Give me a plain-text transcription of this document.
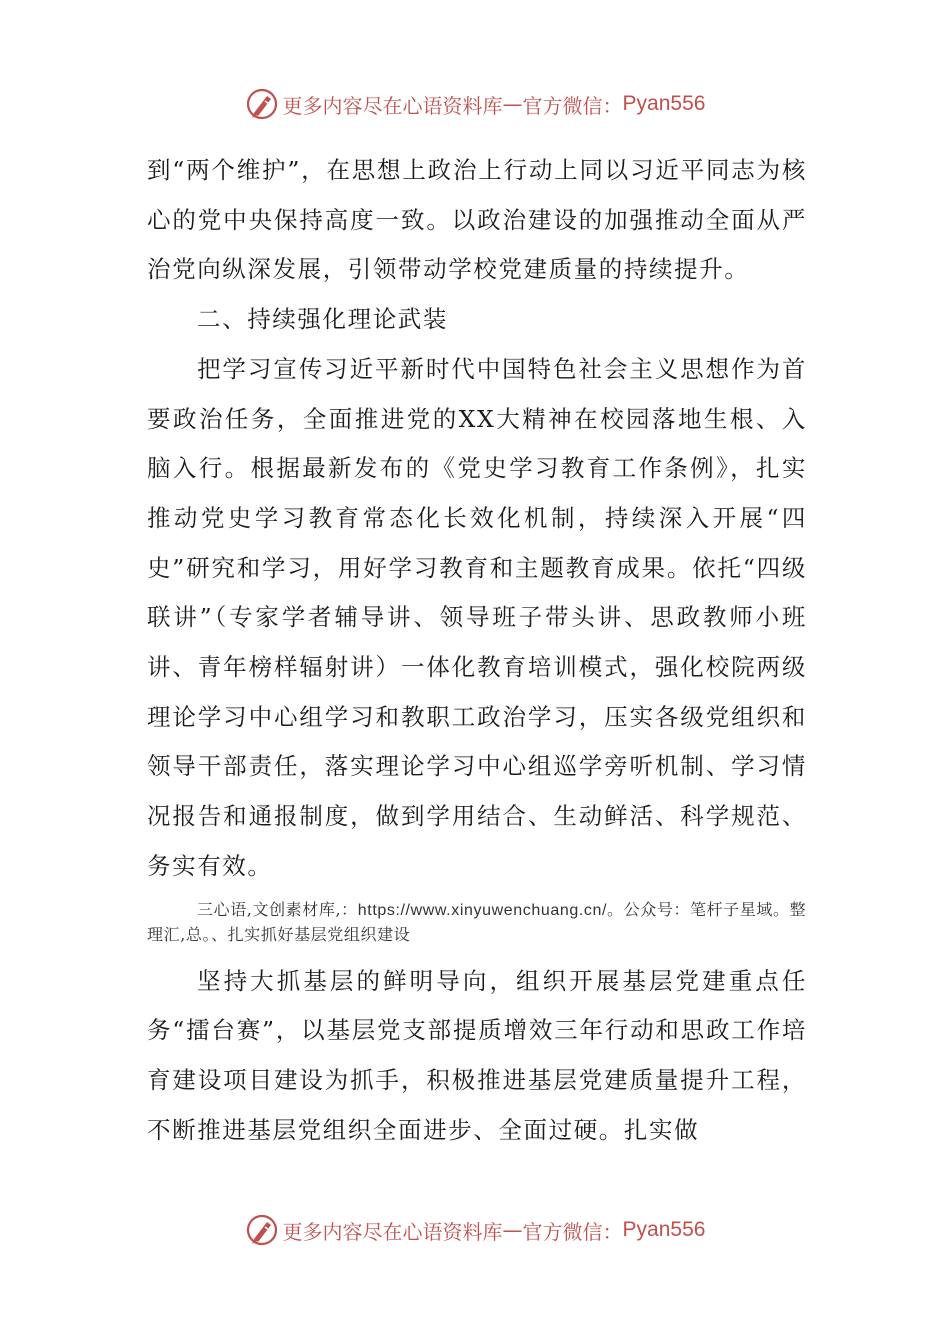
更多内容尽在心语资料库 — 官方微信： Pyan556

到“两个维护”，在思想上政治上行动上同以习近平同志为核心的党中央保持高度一致。以政治建设的加强推动全面从严治党向纵深发展，引领带动学校党建质量的持续提升。

二、持续强化理论武装

把学习宣传习近平新时代中国特色社会主义思想作为首要政治任务，全面推进党的XX大精神在校园落地生根、入脑入行。根据最新发布的《党史学习教育工作条例》，扎实推动党史学习教育常态化长效化机制，持续深入开展“四史”研究和学习，用好学习教育和主题教育成果。依托“四级联讲”（专家学者辅导讲、领导班子带头讲、思政教师小班讲、青年榜样辐射讲）一体化教育培训模式，强化校院两级理论学习中心组学习和教职工政治学习，压实各级党组织和领导干部责任，落实理论学习中心组巡学旁听机制、学习情况报告和通报制度，做到学用结合、生动鲜活、科学规范、务实有效。

三心语,文创素材库,：https://www.xinyuwenchuang.cn/。公众号：笔杆子星域。整理汇,总。、扎实抓好基层党组织建设

坚持大抓基层的鲜明导向，组织开展基层党建重点任务“擂台赛”，以基层党支部提质增效三年行动和思政工作培育建设项目建设为抓手，积极推进基层党建质量提升工程，不断推进基层党组织全面进步、全面过硬。扎实做

更多内容尽在心语资料库 — 官方微信： Pyan556
